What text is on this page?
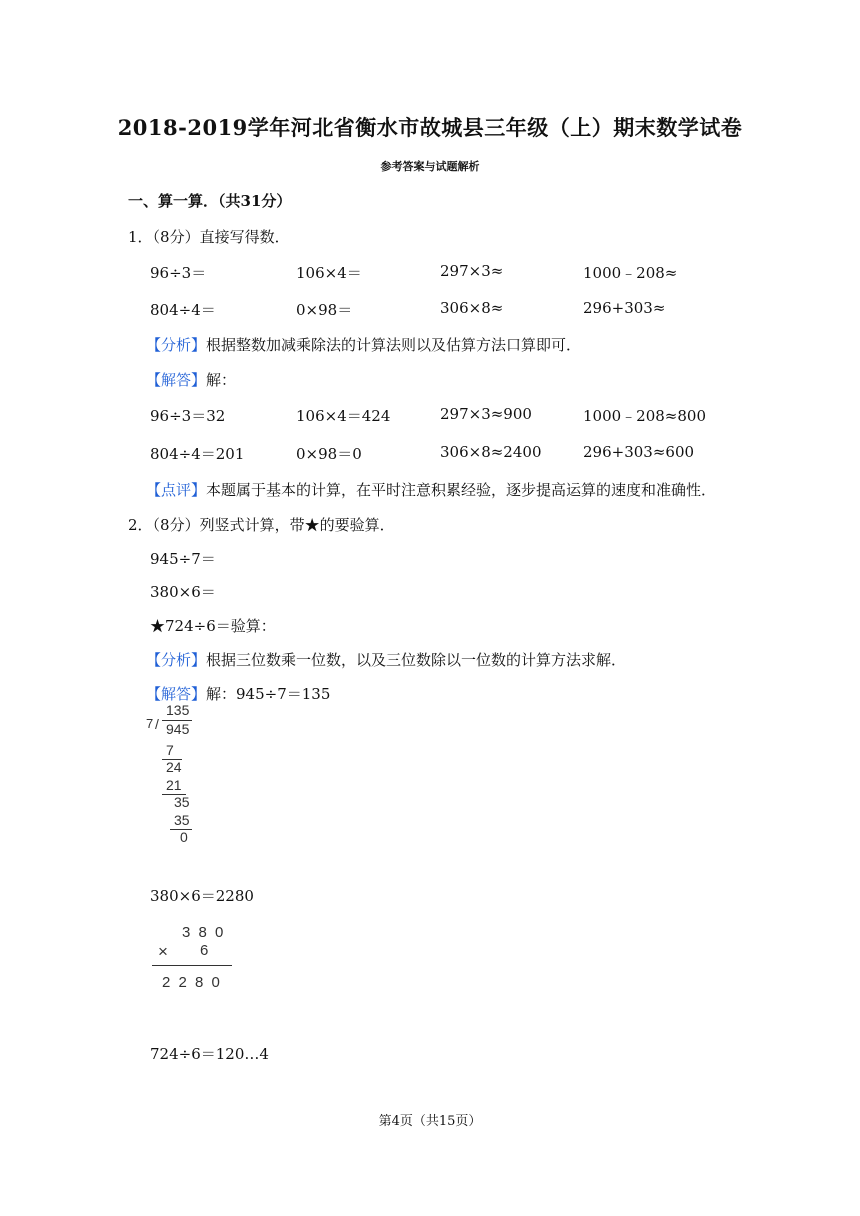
2018-2019学年河北省衡水市故城县三年级（上）期末数学试卷
参考答案与试题解析
一、算一算．（共31分）
1．（8分）直接写得数．
96÷3＝	106×4＝	297×3≈	1000﹣208≈
804÷4＝	0×98＝	306×8≈	296+303≈
【分析】根据整数加减乘除法的计算法则以及估算方法口算即可．
【解答】解：
96÷3＝32	106×4＝424	297×3≈900	1000﹣208≈800
804÷4＝201	0×98＝0	306×8≈2400	296+303≈600
【点评】本题属于基本的计算，在平时注意积累经验，逐步提高运算的速度和准确性．
2．（8分）列竖式计算，带★的要验算．
945÷7＝
380×6＝
★724÷6＝验算：
【分析】根据三位数乘一位数，以及三位数除以一位数的计算方法求解．
【解答】解：945÷7＝135
135
7 / 945
7
24
21
35
35
0
380×6＝2280
3 8 0
× 6
2 2 8 0
724÷6＝120…4
第4页（共15页）
